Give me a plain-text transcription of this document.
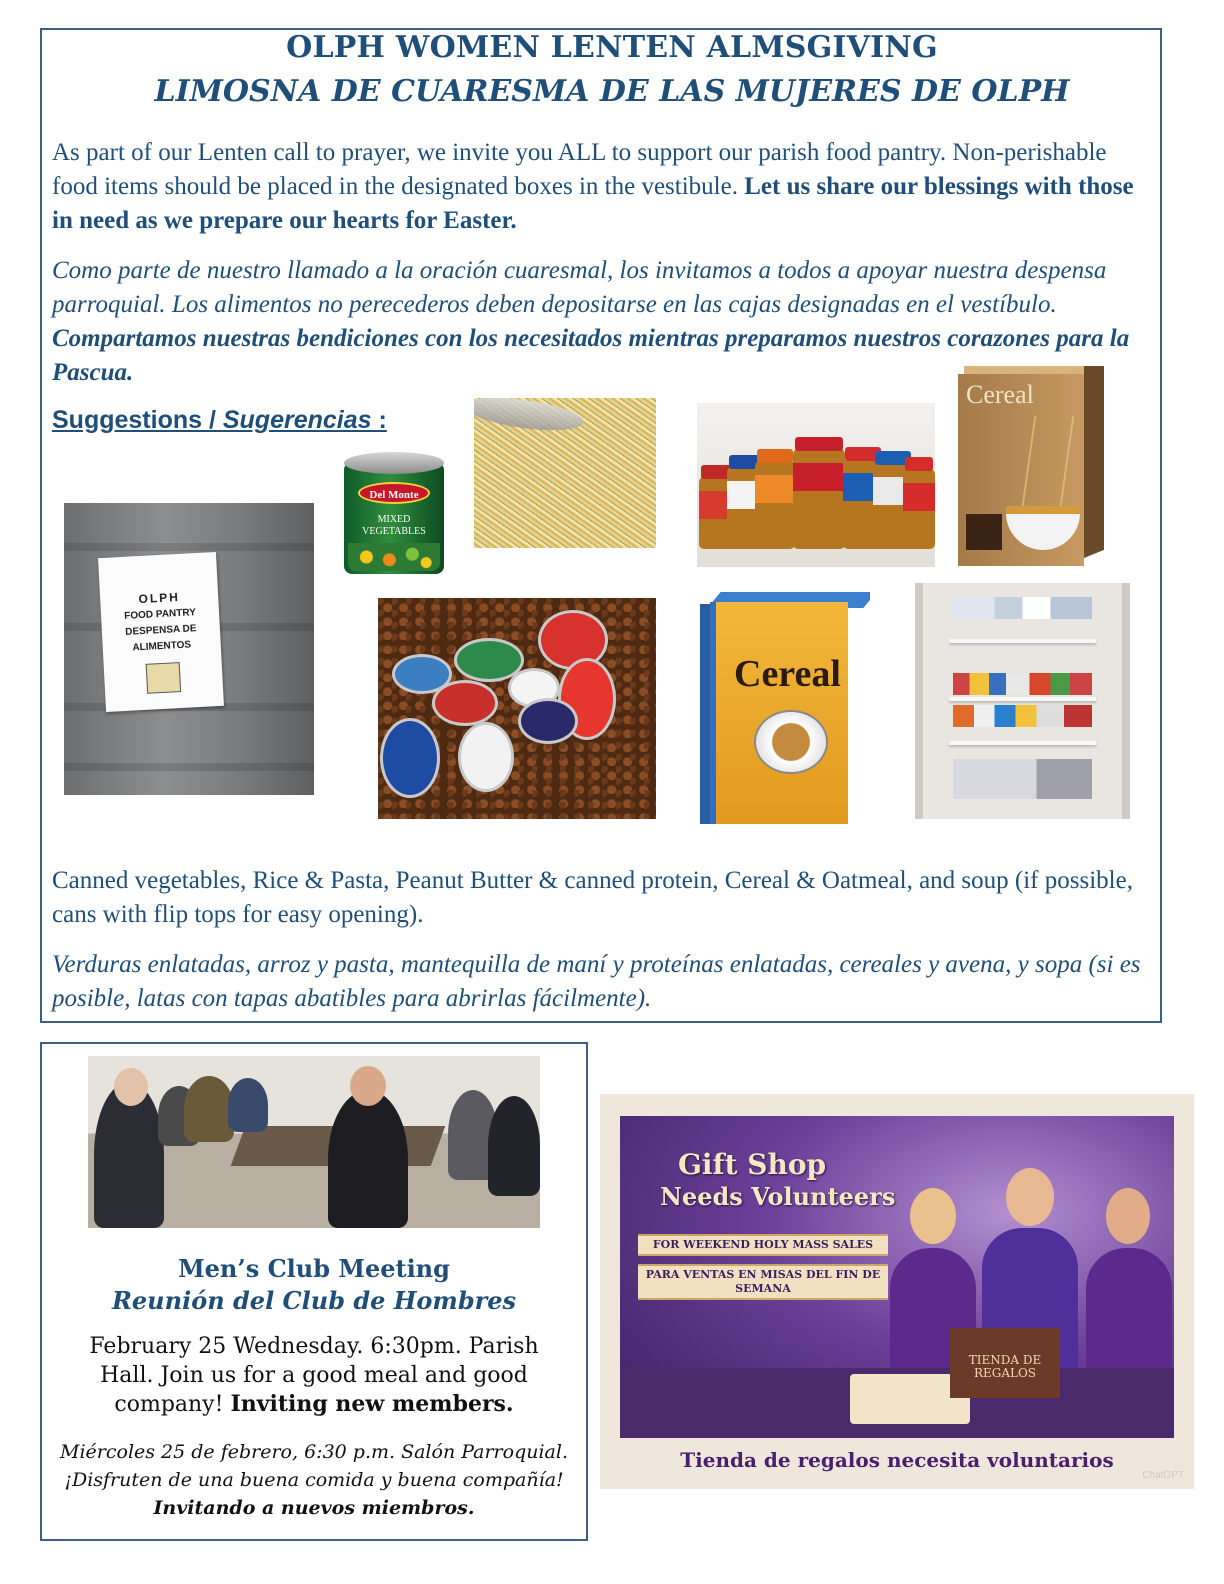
OLPH WOMEN LENTEN ALMSGIVING
LIMOSNA DE CUARESMA DE LAS MUJERES DE OLPH
As part of our Lenten call to prayer, we invite you ALL to support our parish food pantry. Non-perishable food items should be placed in the designated boxes in the vestibule. Let us share our blessings with those in need as we prepare our hearts for Easter.
Como parte de nuestro llamado a la oración cuaresmal, los invitamos a todos a apoyar nuestra despensa parroquial. Los alimentos no perecederos deben depositarse en las cajas designadas en el vestíbulo. Compartamos nuestras bendiciones con los necesitados mientras preparamos nuestros corazones para la Pascua.
Suggestions / Sugerencias :
OLPH
FOOD PANTRY
DESPENSA DE
ALIMENTOS
Del Monte
MIXED VEGETABLES
Cereal
Cereal
Canned vegetables, Rice & Pasta, Peanut Butter & canned protein, Cereal & Oatmeal, and soup (if possible, cans with flip tops for easy opening).
Verduras enlatadas, arroz y pasta, mantequilla de maní y proteínas enlatadas, cereales y avena, y sopa (si es posible, latas con tapas abatibles para abrirlas fácilmente).
Men’s Club Meeting
Reunión del Club de Hombres
February 25 Wednesday. 6:30pm. Parish Hall. Join us for a good meal and good company! Inviting new members.
Miércoles 25 de febrero, 6:30 p.m. Salón Parroquial. ¡Disfruten de una buena comida y buena compañía! Invitando a nuevos miembros.
Gift Shop
Needs Volunteers
FOR WEEKEND HOLY MASS SALES
PARA VENTAS EN MISAS DEL FIN DE SEMANA
TIENDA DE REGALOS
Tienda de regalos necesita voluntarios
ChatGPT
